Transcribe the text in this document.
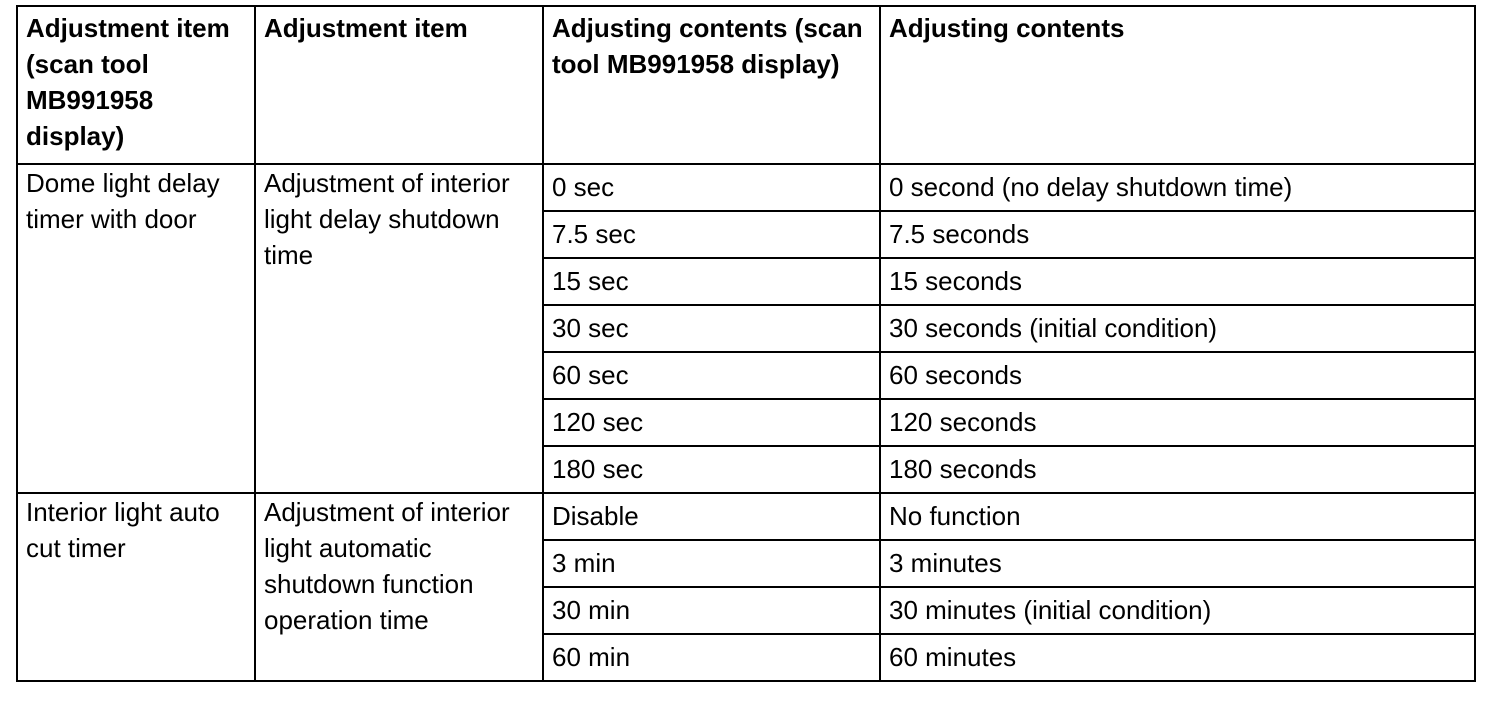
Adjustment item (scan tool MB991958 display)	Adjustment item	Adjusting contents (scan tool MB991958 display)	Adjusting contents
Dome light delay timer with door	Adjustment of interior light delay shutdown time	0 sec	0 second (no delay shutdown time)
		7.5 sec	7.5 seconds
		15 sec	15 seconds
		30 sec	30 seconds (initial condition)
		60 sec	60 seconds
		120 sec	120 seconds
		180 sec	180 seconds
Interior light auto cut timer	Adjustment of interior light automatic shutdown function operation time	Disable	No function
		3 min	3 minutes
		30 min	30 minutes (initial condition)
		60 min	60 minutes
